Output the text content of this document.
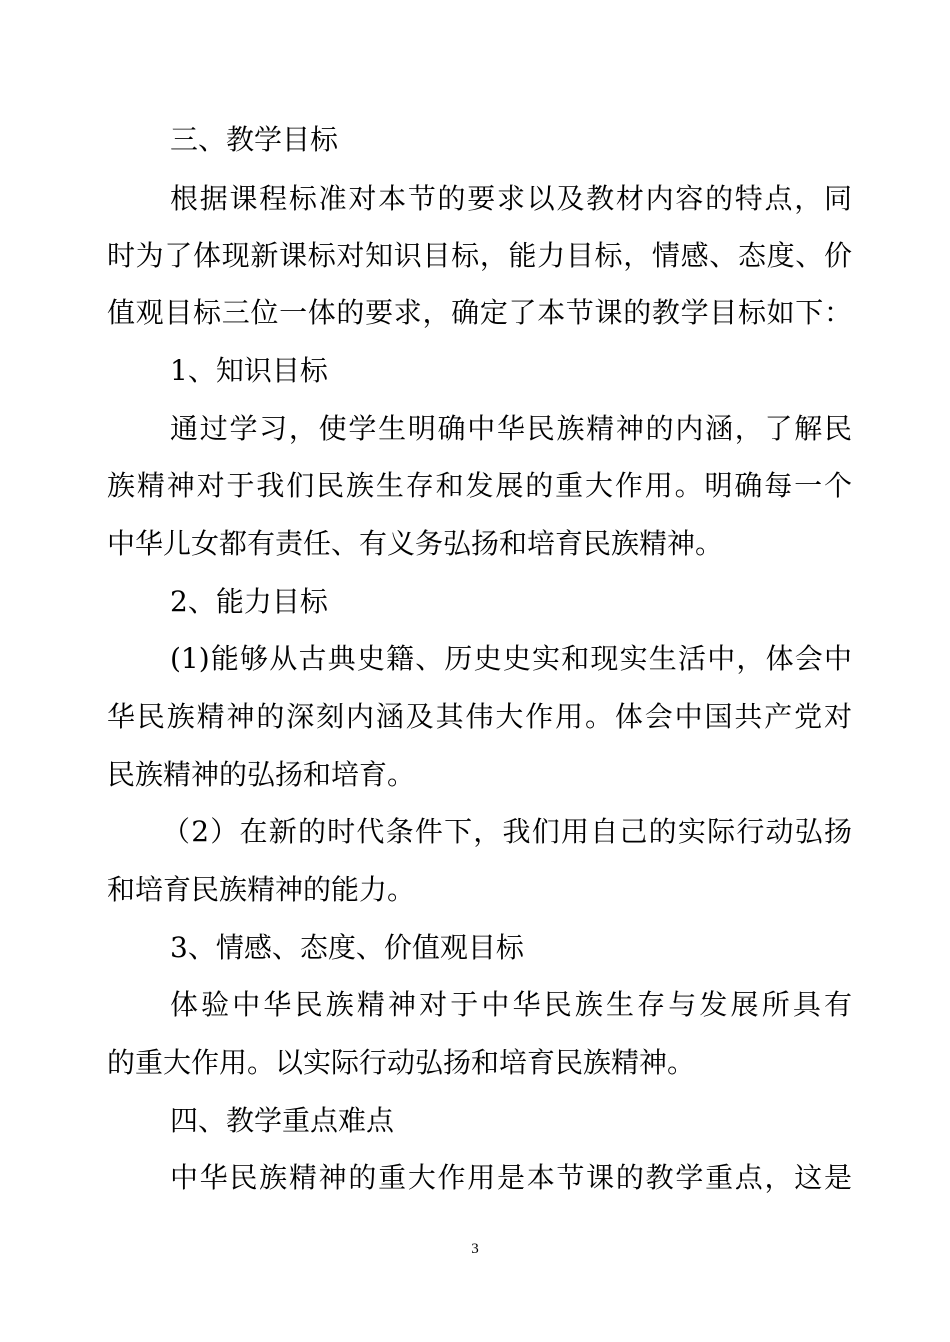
三、教学目标
根据课程标准对本节的要求以及教材内容的特点，同
时为了体现新课标对知识目标，能力目标，情感、态度、价
值观目标三位一体的要求，确定了本节课的教学目标如下：
1、知识目标
通过学习，使学生明确中华民族精神的内涵，了解民
族精神对于我们民族生存和发展的重大作用。明确每一个
中华儿女都有责任、有义务弘扬和培育民族精神。
2、能力目标
(1)能够从古典史籍、历史史实和现实生活中，体会中
华民族精神的深刻内涵及其伟大作用。体会中国共产党对
民族精神的弘扬和培育。
（2）在新的时代条件下，我们用自己的实际行动弘扬
和培育民族精神的能力。
3、情感、态度、价值观目标
体验中华民族精神对于中华民族生存与发展所具有
的重大作用。以实际行动弘扬和培育民族精神。
四、教学重点难点
中华民族精神的重大作用是本节课的教学重点，这是
3
